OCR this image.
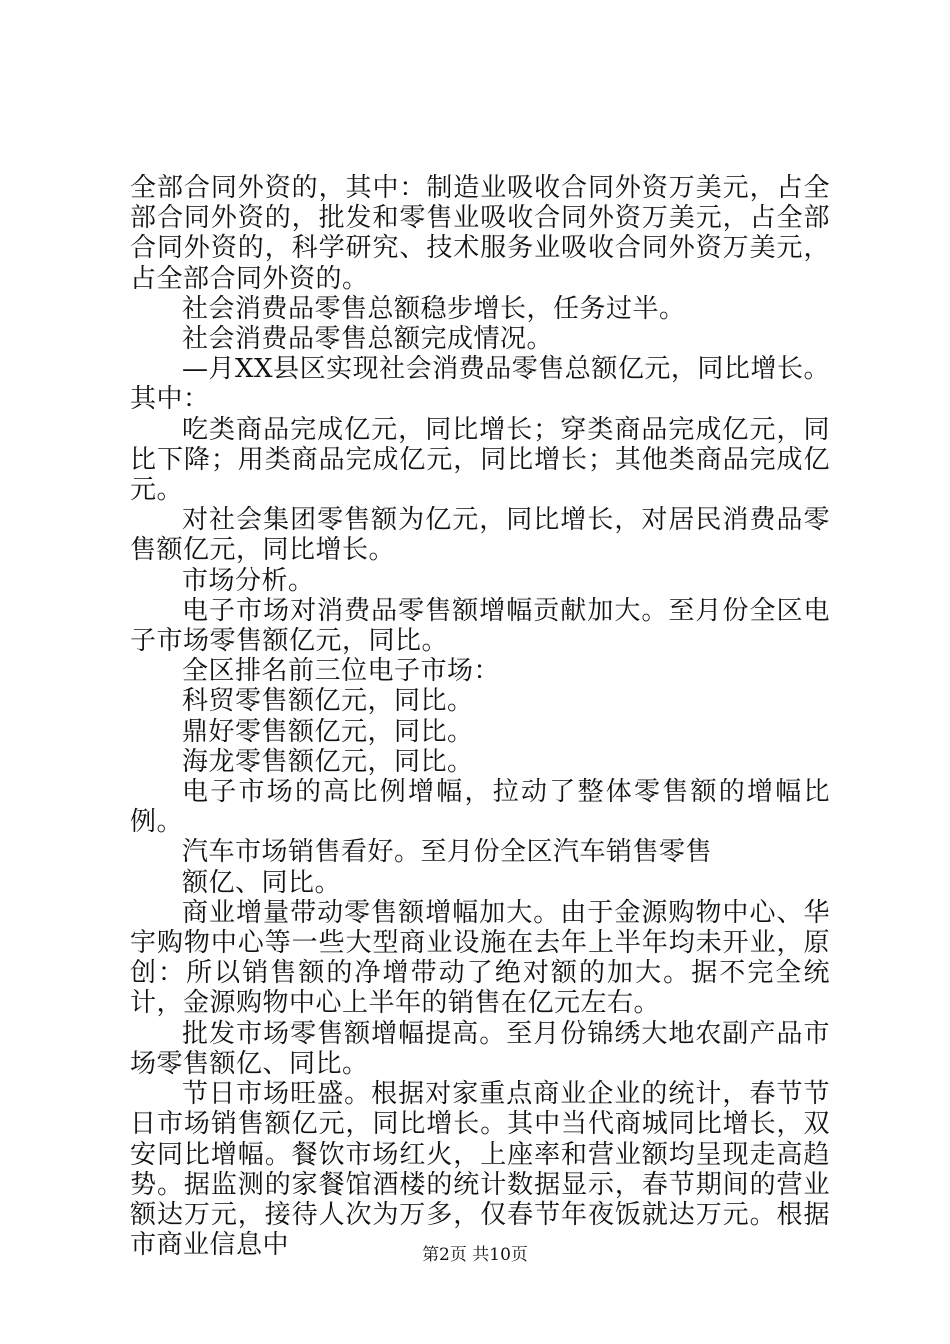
全部合同外资的，其中：制造业吸收合同外资万美元，占全部合同外资的，批发和零售业吸收合同外资万美元，占全部合同外资的，科学研究、技术服务业吸收合同外资万美元，占全部合同外资的。

社会消费品零售总额稳步增长，任务过半。

社会消费品零售总额完成情况。

—月XX县区实现社会消费品零售总额亿元，同比增长。其中：

吃类商品完成亿元，同比增长；穿类商品完成亿元，同比下降；用类商品完成亿元，同比增长；其他类商品完成亿元。

对社会集团零售额为亿元，同比增长，对居民消费品零售额亿元，同比增长。

市场分析。

电子市场对消费品零售额增幅贡献加大。至月份全区电子市场零售额亿元，同比。

全区排名前三位电子市场：

科贸零售额亿元，同比。

鼎好零售额亿元，同比。

海龙零售额亿元，同比。

电子市场的高比例增幅，拉动了整体零售额的增幅比例。

汽车市场销售看好。至月份全区汽车销售零售

额亿、同比。

商业增量带动零售额增幅加大。由于金源购物中心、华宇购物中心等一些大型商业设施在去年上半年均未开业，原创：所以销售额的净增带动了绝对额的加大。据不完全统计，金源购物中心上半年的销售在亿元左右。

批发市场零售额增幅提高。至月份锦绣大地农副产品市场零售额亿、同比。

节日市场旺盛。根据对家重点商业企业的统计，春节节日市场销售额亿元，同比增长。其中当代商城同比增长，双安同比增幅。餐饮市场红火，上座率和营业额均呈现走高趋势。据监测的家餐馆酒楼的统计数据显示，春节期间的营业额达万元，接待人次为万多，仅春节年夜饭就达万元。根据市商业信息中	第2页 共10页
